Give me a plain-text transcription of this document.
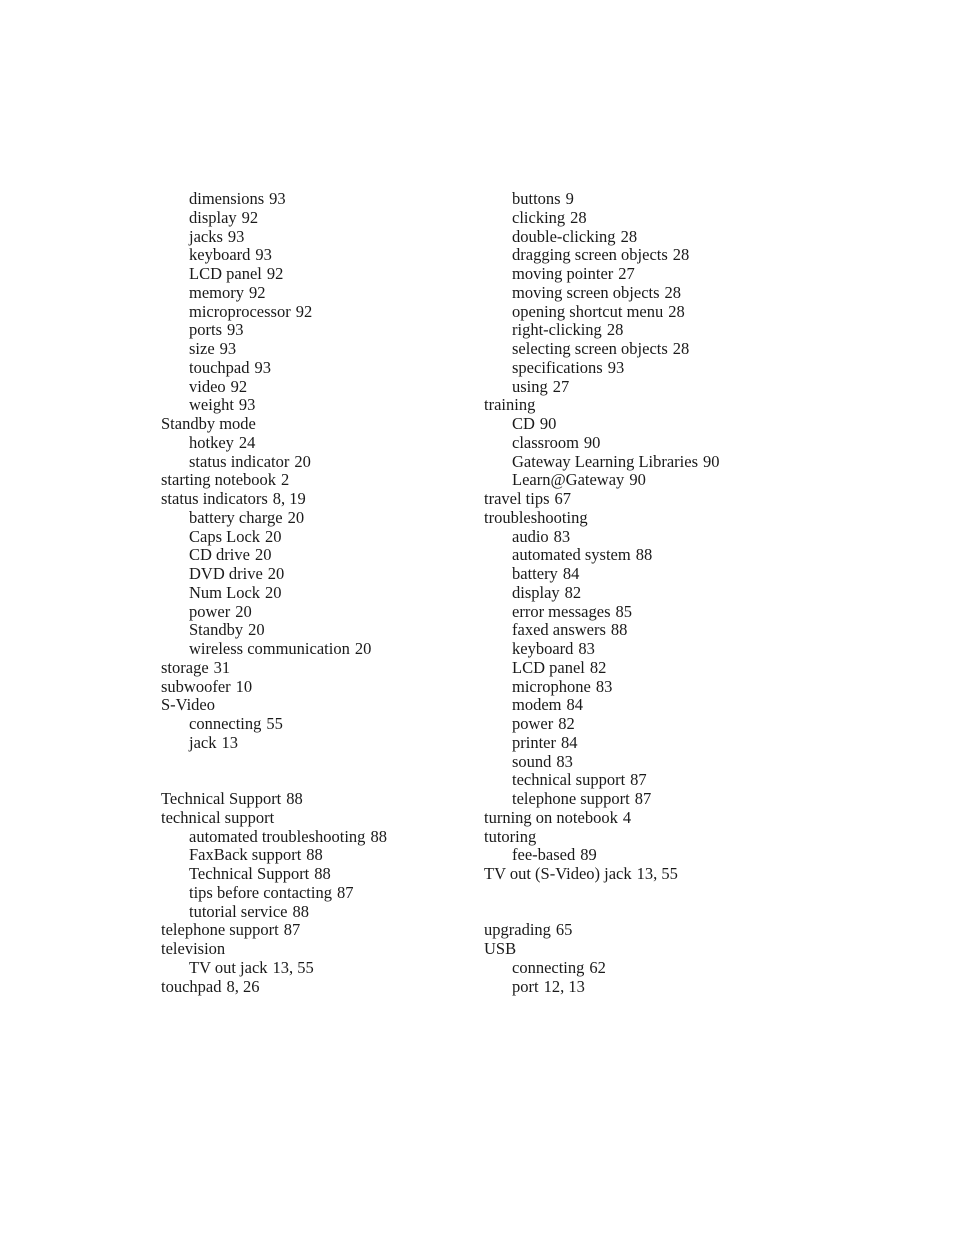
dimensions 93
display 92
jacks 93
keyboard 93
LCD panel 92
memory 92
microprocessor 92
ports 93
size 93
touchpad 93
video 92
weight 93
Standby mode
hotkey 24
status indicator 20
starting notebook 2
status indicators 8, 19
battery charge 20
Caps Lock 20
CD drive 20
DVD drive 20
Num Lock 20
power 20
Standby 20
wireless communication 20
storage 31
subwoofer 10
S-Video
connecting 55
jack 13
Technical Support 88
technical support
automated troubleshooting 88
FaxBack support 88
Technical Support 88
tips before contacting 87
tutorial service 88
telephone support 87
television
TV out jack 13, 55
touchpad 8, 26
buttons 9
clicking 28
double-clicking 28
dragging screen objects 28
moving pointer 27
moving screen objects 28
opening shortcut menu 28
right-clicking 28
selecting screen objects 28
specifications 93
using 27
training
CD 90
classroom 90
Gateway Learning Libraries 90
Learn@Gateway 90
travel tips 67
troubleshooting
audio 83
automated system 88
battery 84
display 82
error messages 85
faxed answers 88
keyboard 83
LCD panel 82
microphone 83
modem 84
power 82
printer 84
sound 83
technical support 87
telephone support 87
turning on notebook 4
tutoring
fee-based 89
TV out (S-Video) jack 13, 55
upgrading 65
USB
connecting 62
port 12, 13
